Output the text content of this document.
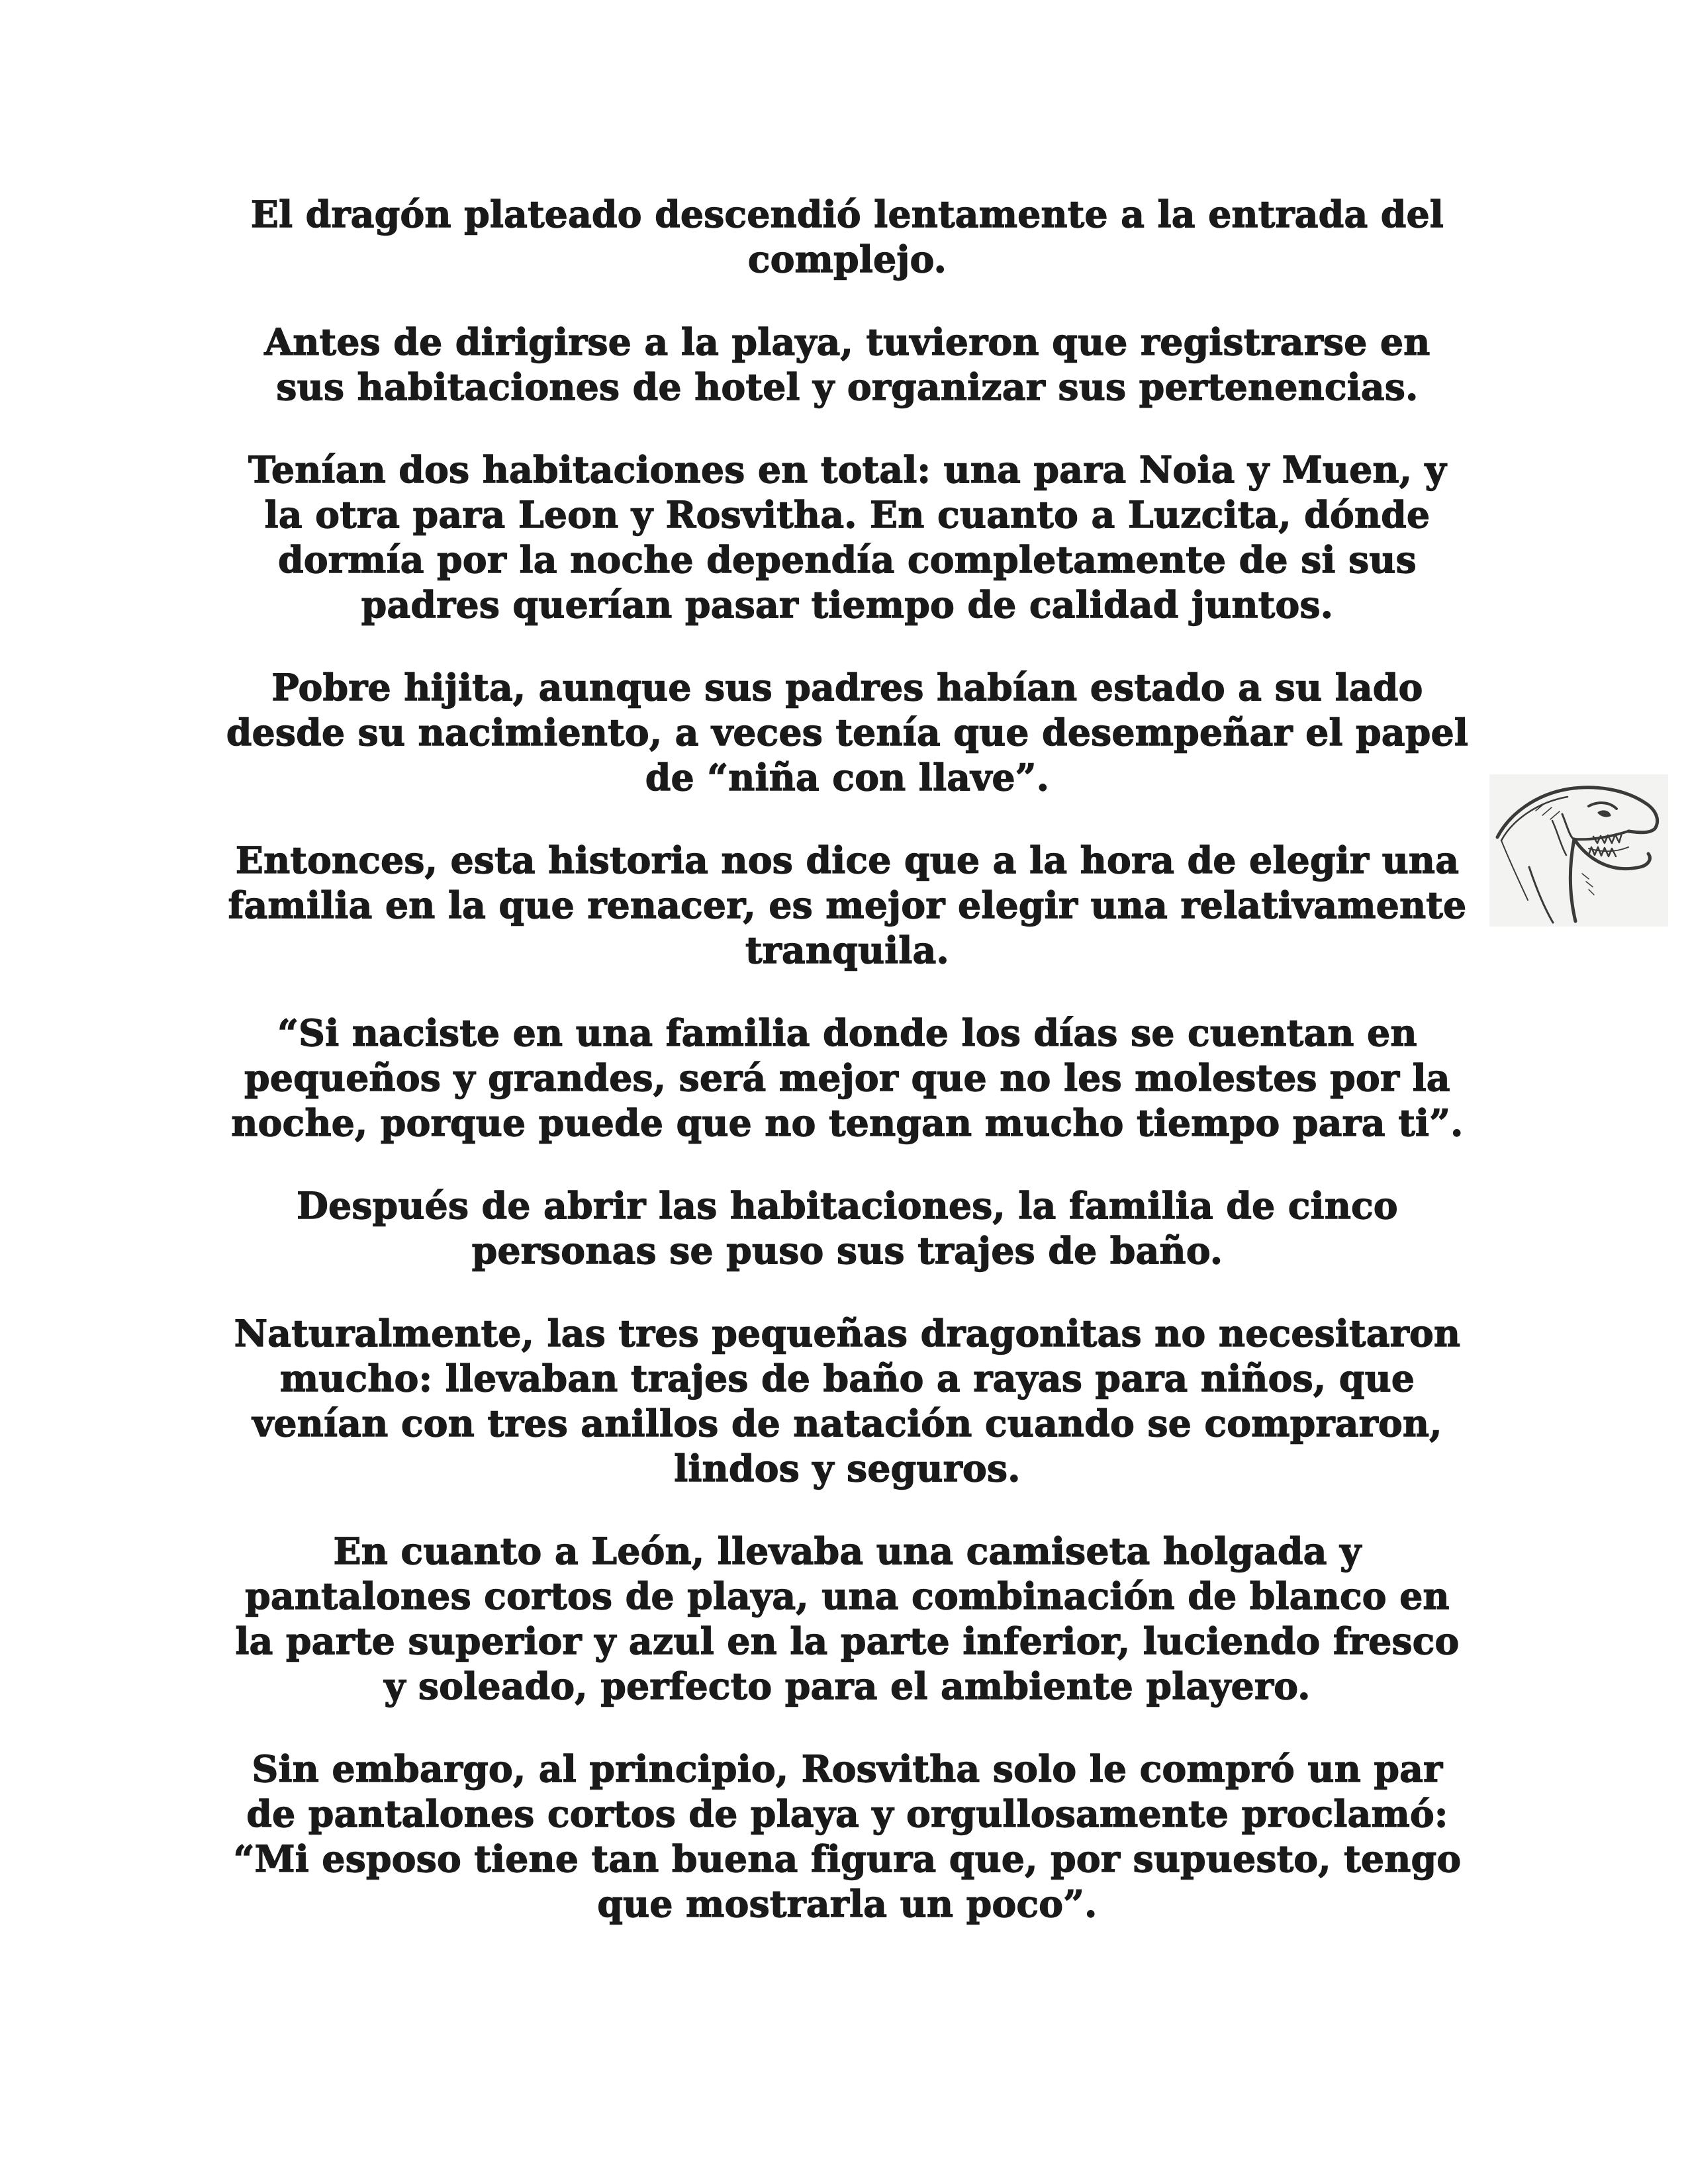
El dragón plateado descendió lentamente a la entrada del complejo.

Antes de dirigirse a la playa, tuvieron que registrarse en sus habitaciones de hotel y organizar sus pertenencias.

Tenían dos habitaciones en total: una para Noia y Muen, y la otra para Leon y Rosvitha. En cuanto a Luzcita, dónde dormía por la noche dependía completamente de si sus padres querían pasar tiempo de calidad juntos.

Pobre hijita, aunque sus padres habían estado a su lado desde su nacimiento, a veces tenía que desempeñar el papel de “niña con llave”.

Entonces, esta historia nos dice que a la hora de elegir una familia en la que renacer, es mejor elegir una relativamente tranquila.

“Si naciste en una familia donde los días se cuentan en pequeños y grandes, será mejor que no les molestes por la noche, porque puede que no tengan mucho tiempo para ti”.

Después de abrir las habitaciones, la familia de cinco personas se puso sus trajes de baño.

Naturalmente, las tres pequeñas dragonitas no necesitaron mucho: llevaban trajes de baño a rayas para niños, que venían con tres anillos de natación cuando se compraron, lindos y seguros.

En cuanto a León, llevaba una camiseta holgada y pantalones cortos de playa, una combinación de blanco en la parte superior y azul en la parte inferior, luciendo fresco y soleado, perfecto para el ambiente playero.

Sin embargo, al principio, Rosvitha solo le compró un par de pantalones cortos de playa y orgullosamente proclamó: “Mi esposo tiene tan buena figura que, por supuesto, tengo que mostrarla un poco”.
